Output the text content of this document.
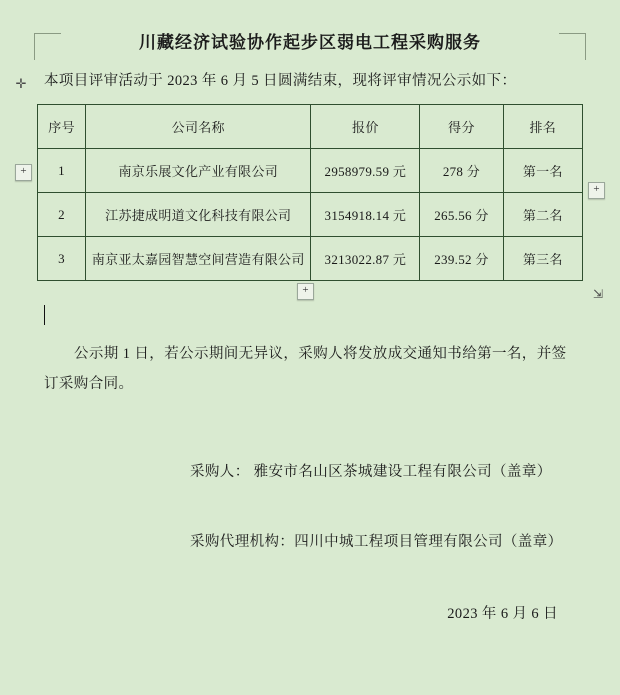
川藏经济试验协作起步区弱电工程采购服务
本项目评审活动于 2023 年 6 月 5 日圆满结束，现将评审情况公示如下：
✛
+
+
+	⇲
序号	公司名称	报价	得分	排名
1	南京乐展文化产业有限公司	2958979.59 元	278 分	第一名
2	江苏捷成明道文化科技有限公司	3154918.14 元	265.56 分	第二名
3	南京亚太嘉园智慧空间营造有限公司	3213022.87 元	239.52 分	第三名
公示期 1 日，若公示期间无异议，采购人将发放成交通知书给第一名，并签订采购合同。
采购人： 雅安市名山区茶城建设工程有限公司（盖章）
采购代理机构：四川中城工程项目管理有限公司（盖章）
2023 年 6 月 6 日
